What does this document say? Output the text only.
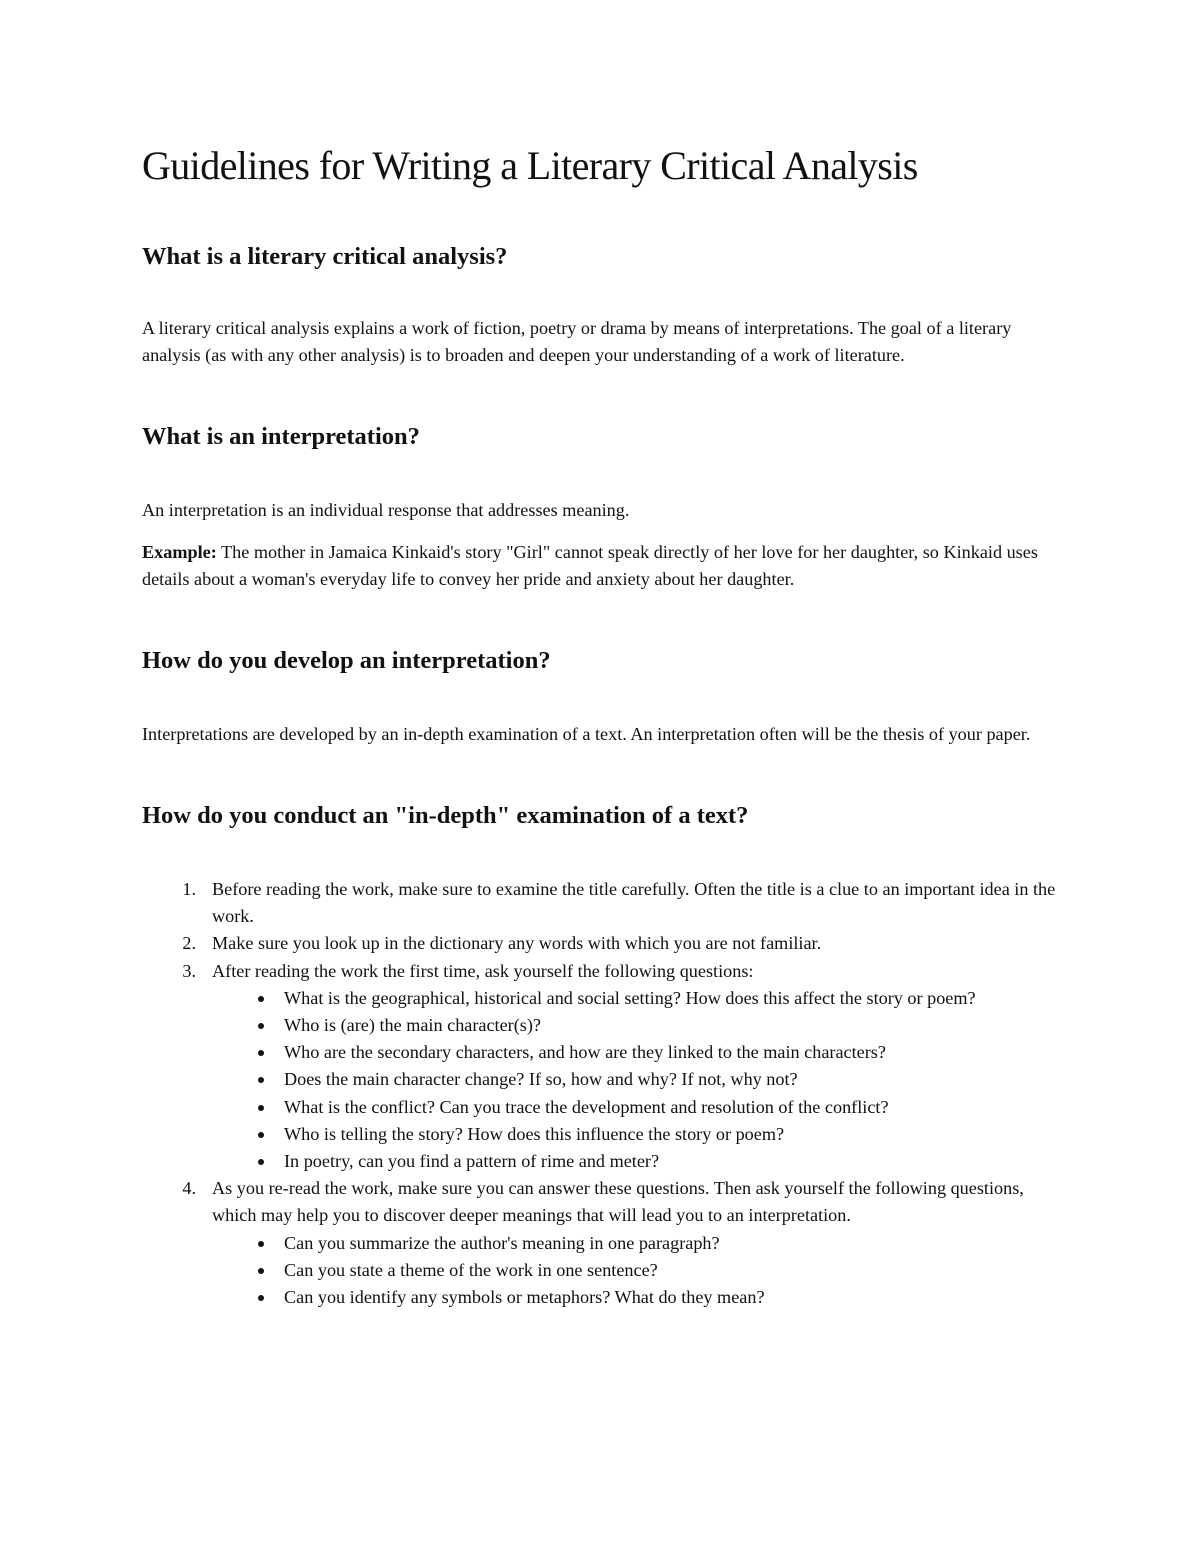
Guidelines for Writing a Literary Critical Analysis
What is a literary critical analysis?

A literary critical analysis explains a work of fiction, poetry or drama by means of interpretations. The goal of a literary analysis (as with any other analysis) is to broaden and deepen your understanding of a work of literature.

What is an interpretation?

An interpretation is an individual response that addresses meaning.

Example: The mother in Jamaica Kinkaid's story "Girl" cannot speak directly of her love for her daughter, so Kinkaid uses details about a woman's everyday life to convey her pride and anxiety about her daughter.

How do you develop an interpretation?

Interpretations are developed by an in-depth examination of a text. An interpretation often will be the thesis of your paper.

How do you conduct an "in-depth" examination of a text?
1. Before reading the work, make sure to examine the title carefully. Often the title is a clue to an important idea in the work.
2. Make sure you look up in the dictionary any words with which you are not familiar.
3. After reading the work the first time, ask yourself the following questions:
What is the geographical, historical and social setting? How does this affect the story or poem?
Who is (are) the main character(s)?
Who are the secondary characters, and how are they linked to the main characters?
Does the main character change? If so, how and why? If not, why not?
What is the conflict? Can you trace the development and resolution of the conflict?
Who is telling the story? How does this influence the story or poem?
In poetry, can you find a pattern of rime and meter?
4. As you re-read the work, make sure you can answer these questions. Then ask yourself the following questions, which may help you to discover deeper meanings that will lead you to an interpretation.
Can you summarize the author's meaning in one paragraph?
Can you state a theme of the work in one sentence?
Can you identify any symbols or metaphors? What do they mean?
